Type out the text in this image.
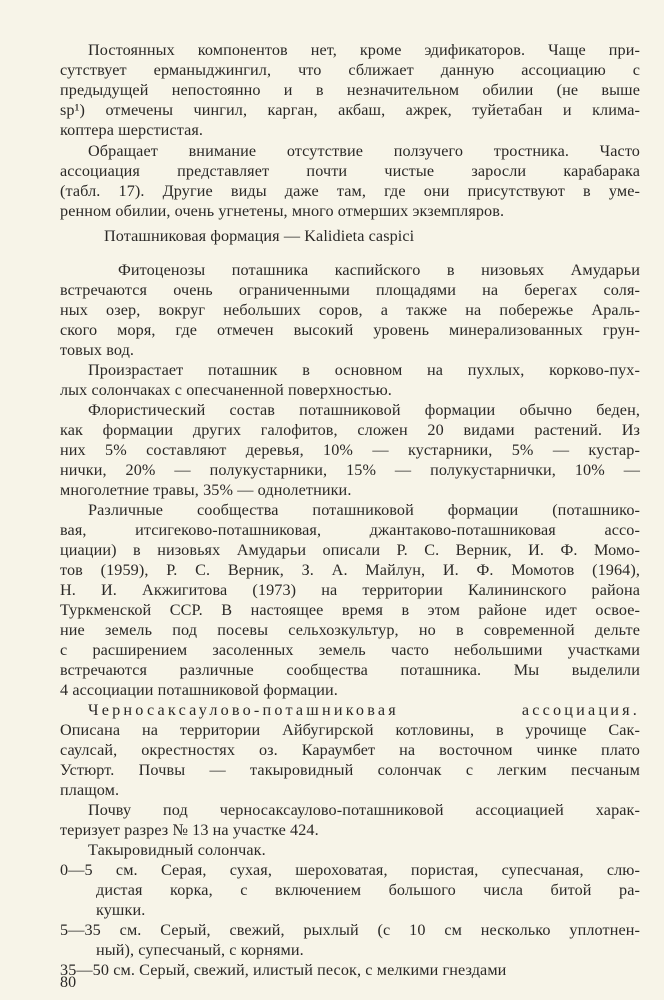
Постоянных компонентов нет, кроме эдификаторов. Чаще при-
сутствует ерманыджингил, что сближает данную ассоциацию с
предыдущей непостоянно и в незначительном обилии (не выше
sp¹) отмечены чингил, карган, акбаш, ажрек, туйетабан и клима-
коптера шерстистая.
Обращает внимание отсутствие ползучего тростника. Часто
ассоциация представляет почти чистые заросли карабарака
(табл. 17). Другие виды даже там, где они присутствуют в уме-
ренном обилии, очень угнетены, много отмерших экземпляров.
Поташниковая формация — Kalidieta caspici
Фитоценозы поташника каспийского в низовьях Амударьи
встречаются очень ограниченными площадями на берегах соля-
ных озер, вокруг небольших соров, а также на побережье Араль-
ского моря, где отмечен высокий уровень минерализованных грун-
товых вод.
Произрастает поташник в основном на пухлых, корково-пух-
лых солончаках с опесчаненной поверхностью.
Флористический состав поташниковой формации обычно беден,
как формации других галофитов, сложен 20 видами растений. Из
них 5% составляют деревья, 10% — кустарники, 5% — кустар-
нички, 20% — полукустарники, 15% — полукустарнички, 10% —
многолетние травы, 35% — однолетники.
Различные сообщества поташниковой формации (поташнико-
вая, итсигеково-поташниковая, джантаково-поташниковая ассо-
циации) в низовьях Амударьи описали Р. С. Верник, И. Ф. Момо-
тов (1959), Р. С. Верник, З. А. Майлун, И. Ф. Момотов (1964),
Н. И. Акжигитова (1973) на территории Калининского района
Туркменской ССР. В настоящее время в этом районе идет освое-
ние земель под посевы сельхозкультур, но в современной дельте
с расширением засоленных земель часто небольшими участками
встречаются различные сообщества поташника. Мы выделили
4 ассоциации поташниковой формации.
Черносаксаулово-поташниковая ассоциация.
Описана на территории Айбугирской котловины, в урочище Сак-
саулсай, окрестностях оз. Караумбет на восточном чинке плато
Устюрт. Почвы — такыровидный солончак с легким песчаным
плащом.
Почву под черносаксаулово-поташниковой ассоциацией харак-
теризует разрез № 13 на участке 424.
Такыровидный солончак.
0—5 см. Серая, сухая, шероховатая, пористая, супесчаная, слю-
дистая корка, с включением большого числа битой ра-
кушки.
5—35 см. Серый, свежий, рыхлый (с 10 см несколько уплотнен-
ный), супесчаный, с корнями.
35—50 см. Серый, свежий, илистый песок, с мелкими гнездами
80
